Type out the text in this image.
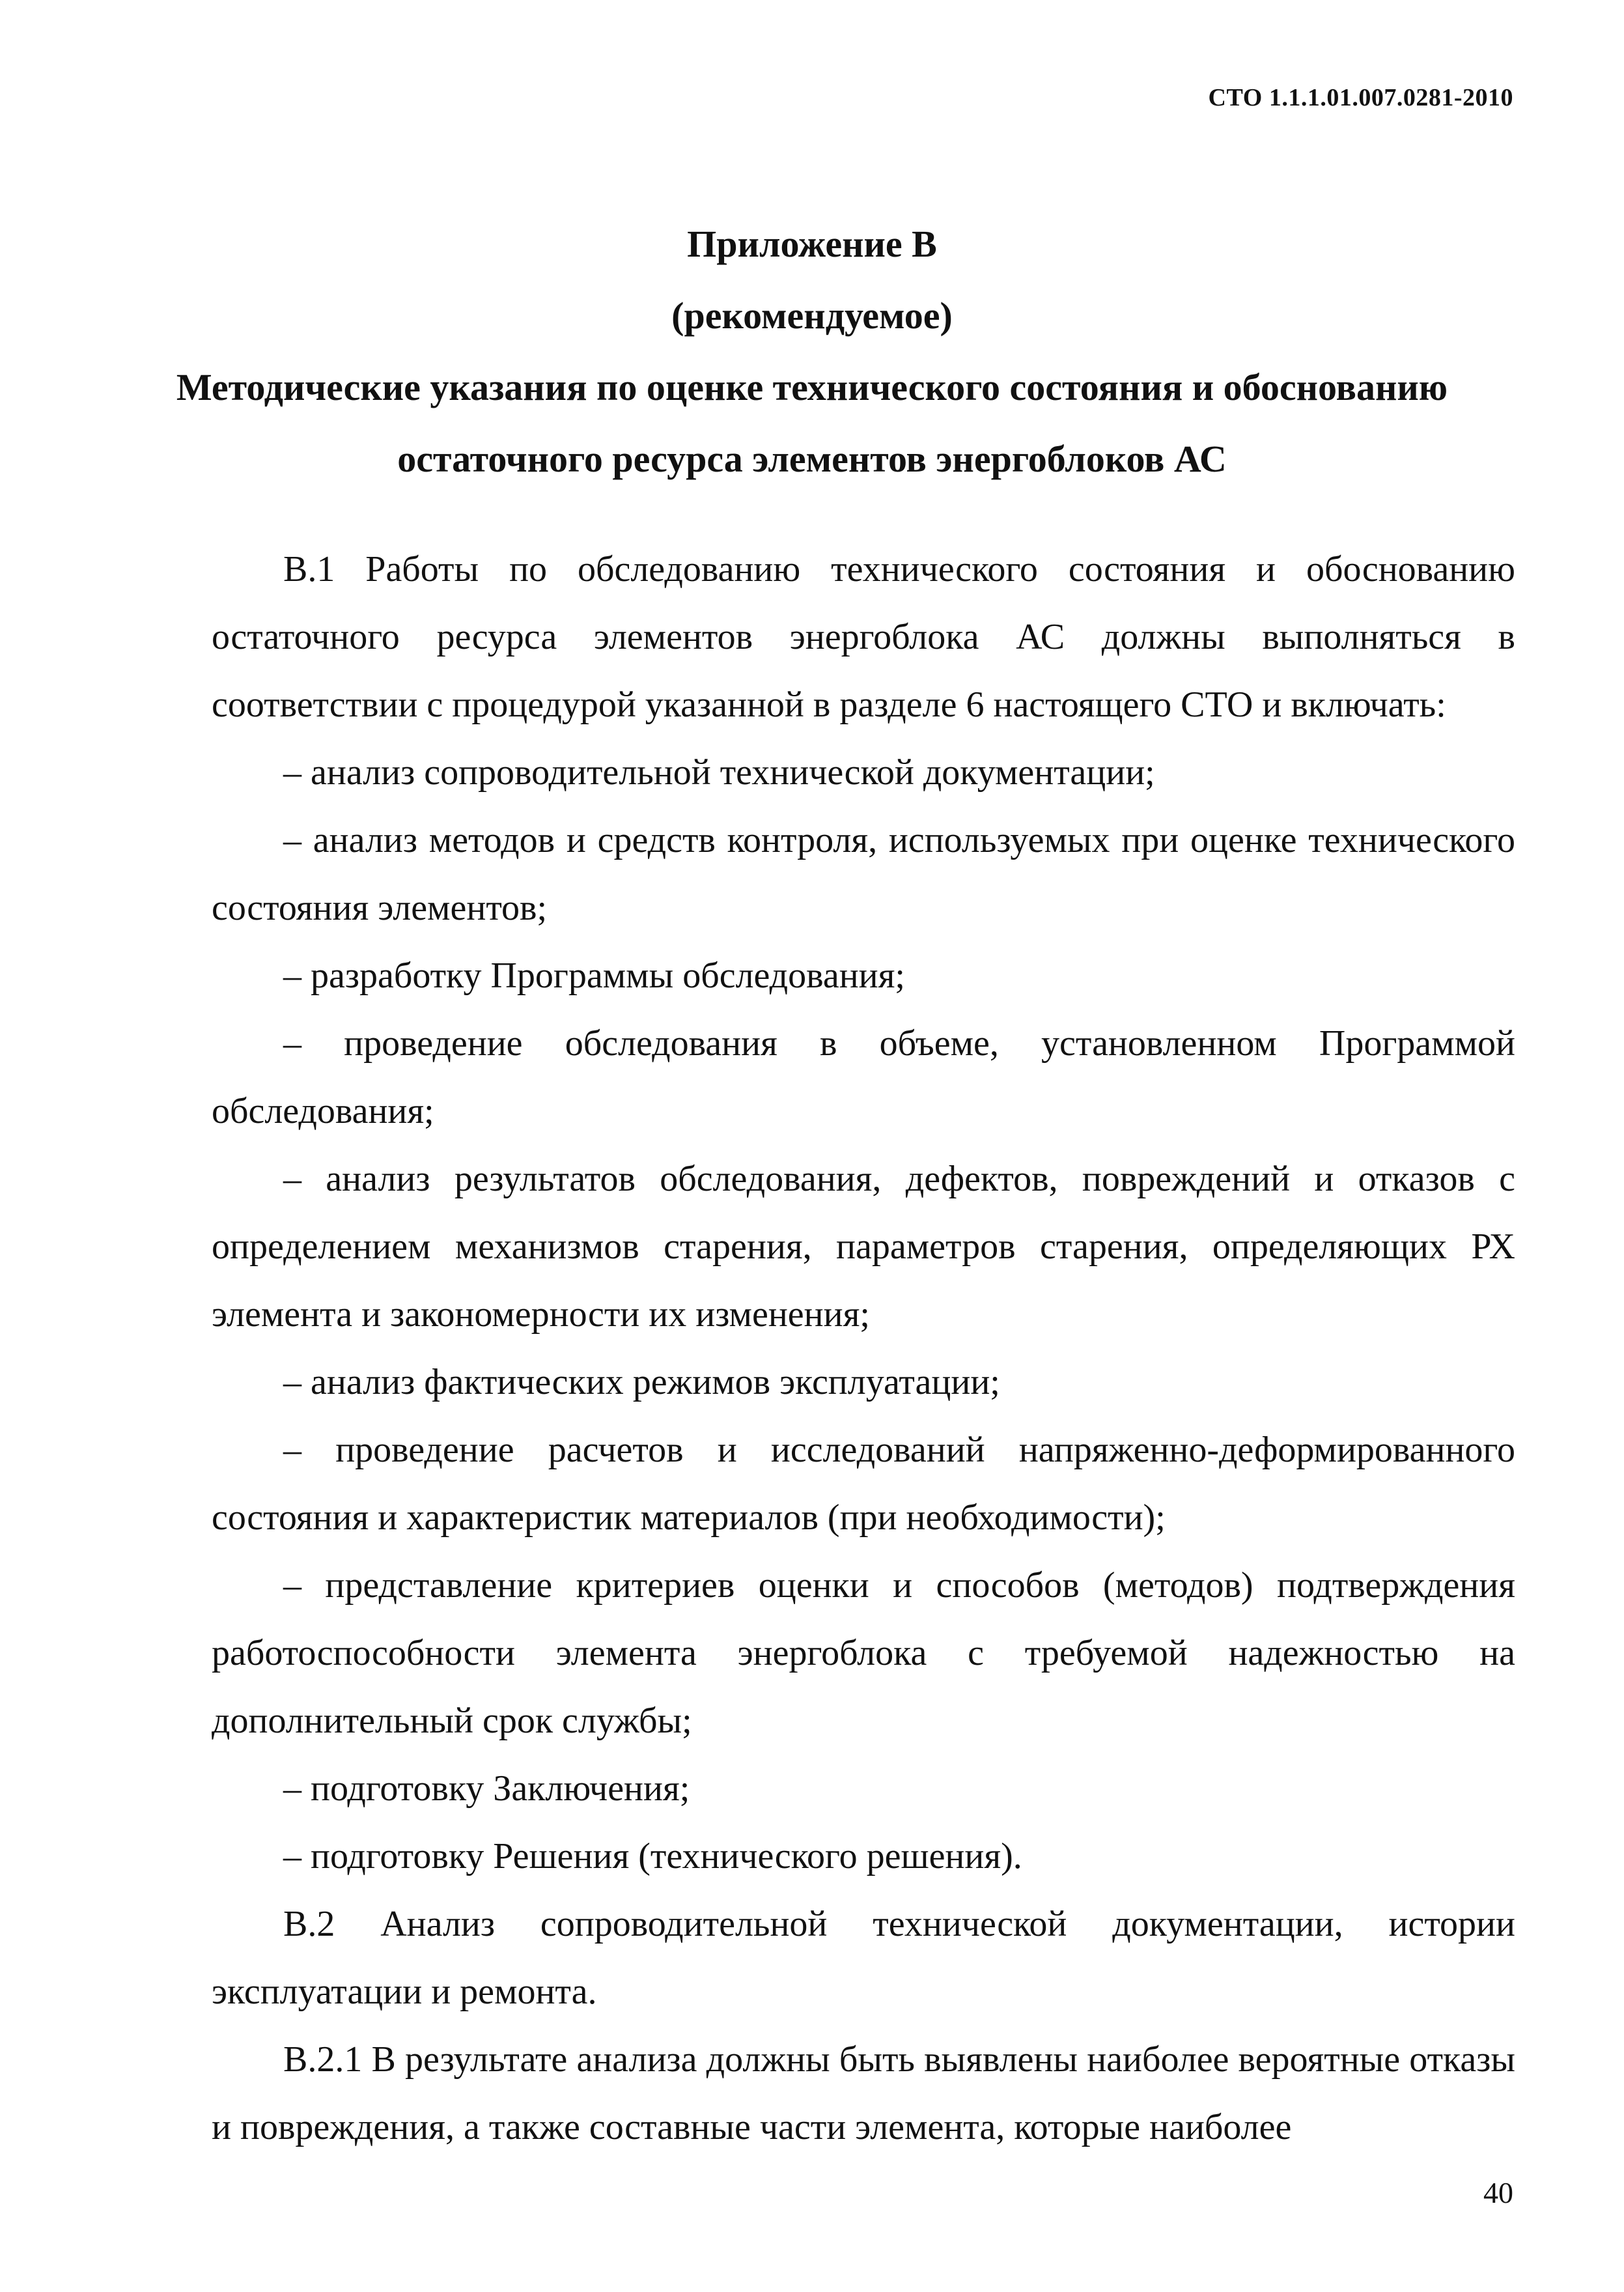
СТО 1.1.1.01.007.0281-2010
Приложение В
(рекомендуемое)
Методические указания по оценке технического состояния и обоснованию
остаточного ресурса элементов энергоблоков АС

В.1 Работы по обследованию технического состояния и обоснованию остаточного ресурса элементов энергоблока АС должны выполняться в соответствии с процедурой указанной в разделе 6 настоящего СТО и включать:

– анализ сопроводительной технической документации;

– анализ методов и средств контроля, используемых при оценке технического состояния элементов;

– разработку Программы обследования;

– проведение обследования в объеме, установленном Программой обследования;

– анализ результатов обследования, дефектов, повреждений и отказов с определением механизмов старения, параметров старения, определяющих РХ элемента и закономерности их изменения;

– анализ фактических режимов эксплуатации;

– проведение расчетов и исследований напряженно-деформированного состояния и характеристик материалов (при необходимости);

– представление критериев оценки и способов (методов) подтверждения работоспособности элемента энергоблока с требуемой надежностью на дополнительный срок службы;

– подготовку Заключения;

– подготовку Решения (технического решения).

В.2 Анализ сопроводительной технической документации, истории эксплуатации и ремонта.

В.2.1 В результате анализа должны быть выявлены наиболее вероятные отказы и повреждения, а также составные части элемента, которые наиболее

40
